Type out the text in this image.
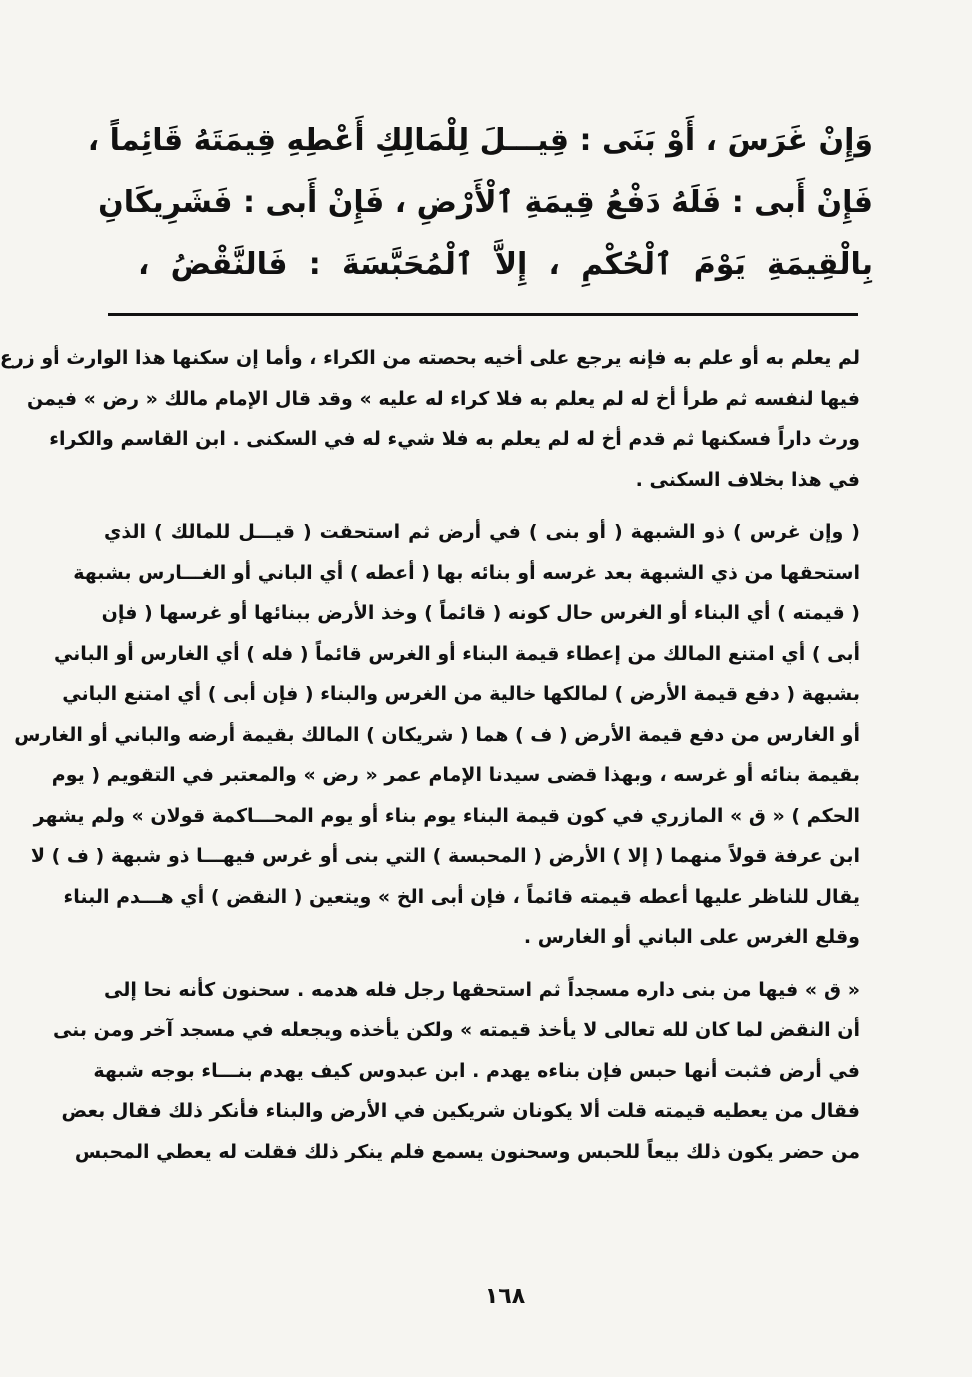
وَإِنْ غَرَسَ ، أَوْ بَنَى : قِيـــلَ لِلْمَالِكِ أَعْطِهِ قِيمَتَهُ قَائِماً ،
فَإِنْ أَبى : فَلَهُ دَفْعُ قِيمَةِ ٱلْأَرْضِ ، فَإِنْ أَبى : فَشَرِيكَانِ
بِالْقِيمَةِ يَوْمَ ٱلْحُكْمِ ، إِلاَّ ٱلْمُحَبَّسَةَ : فَالنَّقْضُ ،
لم يعلم به أو علم به فإنه يرجع على أخيه بحصته من الكراء ، وأما إن سكنها هذا الوارث أو زرع
فيها لنفسه ثم طرأ أخ له لم يعلم به فلا كراء له عليه » وقد قال الإمام مالك « رض » فيمن
ورث داراً فسكنها ثم قدم أخ له لم يعلم به فلا شيء له في السكنى . ابن القاسم والكراء
في هذا بخلاف السكنى .
( وإن غرس ) ذو الشبهة ( أو بنى ) في أرض ثم استحقت ( قيـــل للمالك ) الذي
استحقها من ذي الشبهة بعد غرسه أو بنائه بها ( أعطه ) أي الباني أو الغـــارس بشبهة
( قيمته ) أي البناء أو الغرس حال كونه ( قائماً ) وخذ الأرض ببنائها أو غرسها ( فإن
أبى ) أي امتنع المالك من إعطاء قيمة البناء أو الغرس قائماً ( فله ) أي الغارس أو الباني
بشبهة ( دفع قيمة الأرض ) لمالكها خالية من الغرس والبناء ( فإن أبى ) أي امتنع الباني
أو الغارس من دفع قيمة الأرض ( ف ) هما ( شريكان ) المالك بقيمة أرضه والباني أو الغارس
بقيمة بنائه أو غرسه ، وبهذا قضى سيدنا الإمام عمر « رض » والمعتبر في التقويم ( يوم
الحكم ) « ق » المازري في كون قيمة البناء يوم بناء أو يوم المحـــاكمة قولان » ولم يشهر
ابن عرفة قولاً منهما ( إلا ) الأرض ( المحبسة ) التي بنى أو غرس فيهـــا ذو شبهة ( ف ) لا
يقال للناظر عليها أعطه قيمته قائماً ، فإن أبى الخ » ويتعين ( النقض ) أي هـــدم البناء
وقلع الغرس على الباني أو الغارس .
« ق » فيها من بنى داره مسجداً ثم استحقها رجل فله هدمه . سحنون كأنه نحا إلى
أن النقض لما كان لله تعالى لا يأخذ قيمته » ولكن يأخذه ويجعله في مسجد آخر ومن بنى
في أرض فثبت أنها حبس فإن بناءه يهدم . ابن عبدوس كيف يهدم بنـــاء بوجه شبهة
فقال من يعطيه قيمته قلت ألا يكونان شريكين في الأرض والبناء فأنكر ذلك فقال بعض
من حضر يكون ذلك بيعاً للحبس وسحنون يسمع فلم ينكر ذلك فقلت له يعطي المحبس
١٦٨
